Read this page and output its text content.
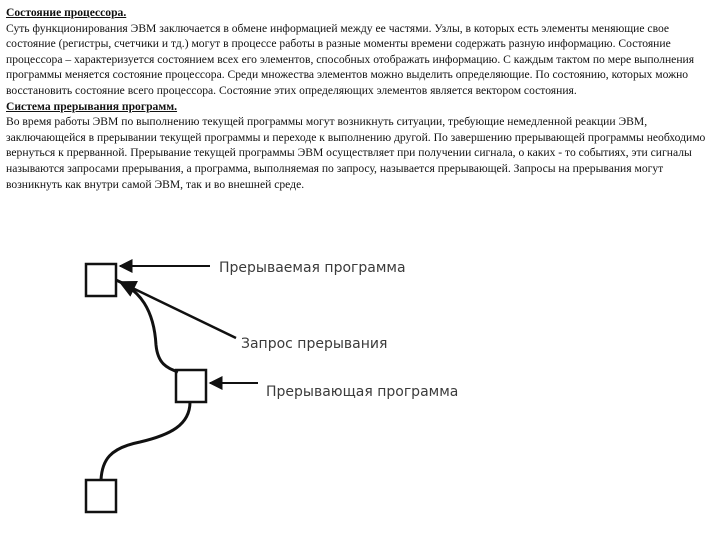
Состояние процессора.

Суть функционирования ЭВМ заключается в обмене информацией между ее частями. Узлы, в которых есть элементы меняющие свое состояние (регистры, счетчики и тд.) могут в процессе работы в разные моменты времени содержать разную информацию. Состояние процессора – характеризуется состоянием всех его элементов, способных отображать информацию. С каждым тактом по мере выполнения программы меняется состояние процессора. Среди множества элементов можно выделить определяющие. По состоянию, которых можно восстановить состояние всего процессора. Состояние этих определяющих элементов является вектором состояния.

Система прерывания программ.

Во время работы ЭВМ по выполнению текущей программы могут возникнуть ситуации, требующие немедленной реакции ЭВМ, заключающейся в прерывании текущей программы и переходе к выполнению другой. По завершению прерывающей программы необходимо вернуться к прерванной. Прерывание текущей программы ЭВМ осуществляет при получении сигнала, о каких - то событиях, эти сигналы называются запросами прерывания, а программа, выполняемая по запросу, называется прерывающей. Запросы на прерывания могут возникнуть как внутри самой ЭВМ, так и во внешней среде.

Прерываемая программа
Запрос прерывания
Прерывающая программа
